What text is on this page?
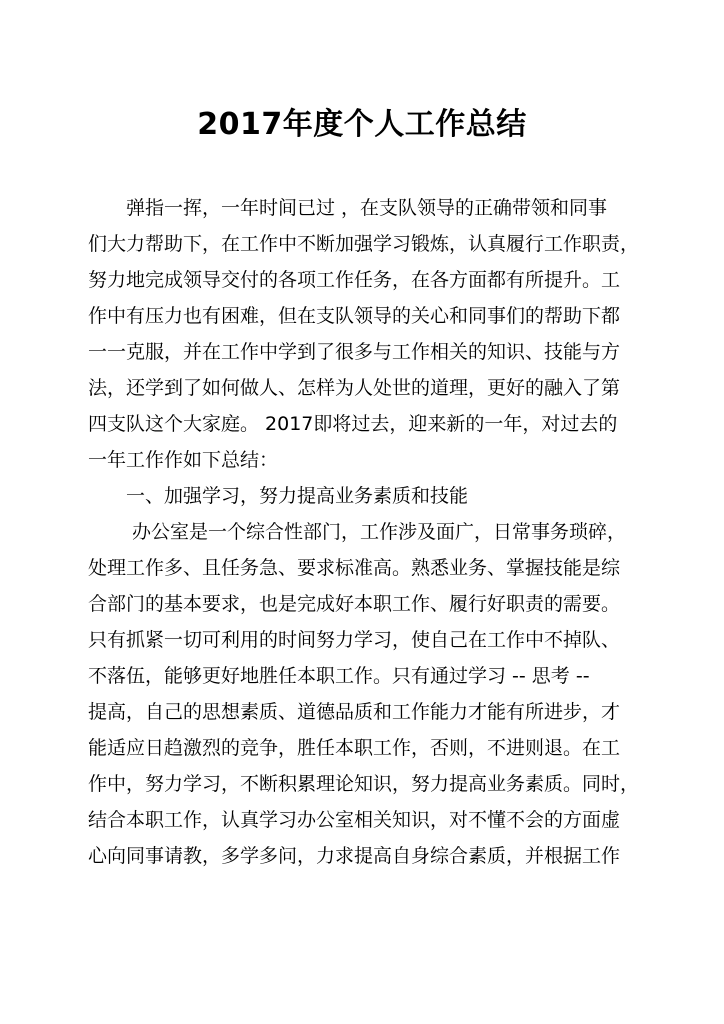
2017年度个人工作总结
　　弹指一挥，一年时间已过 ，在支队领导的正确带领和同事
们大力帮助下，在工作中不断加强学习锻炼，认真履行工作职责，
努力地完成领导交付的各项工作任务，在各方面都有所提升。工
作中有压力也有困难，但在支队领导的关心和同事们的帮助下都
一一克服，并在工作中学到了很多与工作相关的知识、技能与方
法，还学到了如何做人、怎样为人处世的道理，更好的融入了第
四支队这个大家庭。 2017即将过去，迎来新的一年，对过去的
一年工作作如下总结：
　　一、加强学习，努力提高业务素质和技能
　　 办公室是一个综合性部门，工作涉及面广，日常事务琐碎，
处理工作多、且任务急、要求标准高。熟悉业务、掌握技能是综
合部门的基本要求，也是完成好本职工作、履行好职责的需要。
只有抓紧一切可利用的时间努力学习，使自己在工作中不掉队、
不落伍，能够更好地胜任本职工作。只有通过学习 -- 思考 --
提高，自己的思想素质、道德品质和工作能力才能有所进步，才
能适应日趋激烈的竞争，胜任本职工作，否则，不进则退。在工
作中，努力学习，不断积累理论知识，努力提高业务素质。同时，
结合本职工作，认真学习办公室相关知识，对不懂不会的方面虚
心向同事请教，多学多问，力求提高自身综合素质，并根据工作
